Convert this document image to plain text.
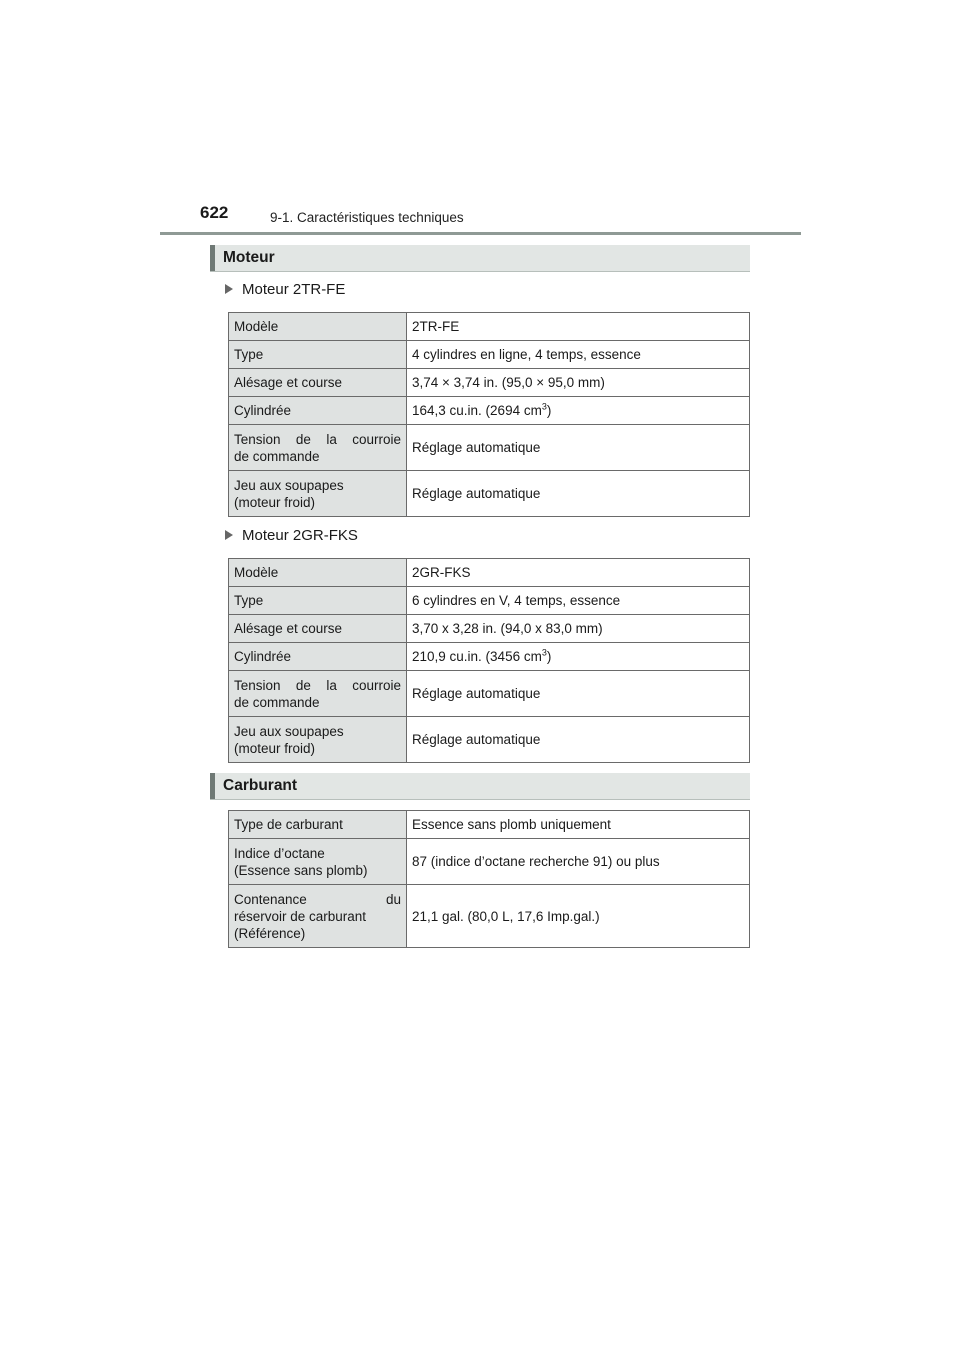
622	9-1. Caractéristiques techniques
Moteur
Moteur 2TR-FE
Modèle	2TR-FE
Type	4 cylindres en ligne, 4 temps, essence
Alésage et course	3,74 × 3,74 in. (95,0 × 95,0 mm)
Cylindrée	164,3 cu.in. (2694 $cm^3$)

Tension de la courroie
de commande	Réglage automatique

Jeu aux soupapes
(moteur froid)	Réglage automatique
Moteur 2GR-FKS
Modèle	2GR-FKS
Type	6 cylindres en V, 4 temps, essence
Alésage et course	3,70 x 3,28 in. (94,0 x 83,0 mm)
Cylindrée	210,9 cu.in. (3456 $cm^3$)

Tension de la courroie
de commande	Réglage automatique

Jeu aux soupapes
(moteur froid)	Réglage automatique
Carburant
Type de carburant	Essence sans plomb uniquement

Indice d’octane
(Essence sans plomb)	87 (indice d’octane recherche 91) ou plus

Contenance du
réservoir de carburant
(Référence)	21,1 gal. (80,0 L, 17,6 Imp.gal.)
